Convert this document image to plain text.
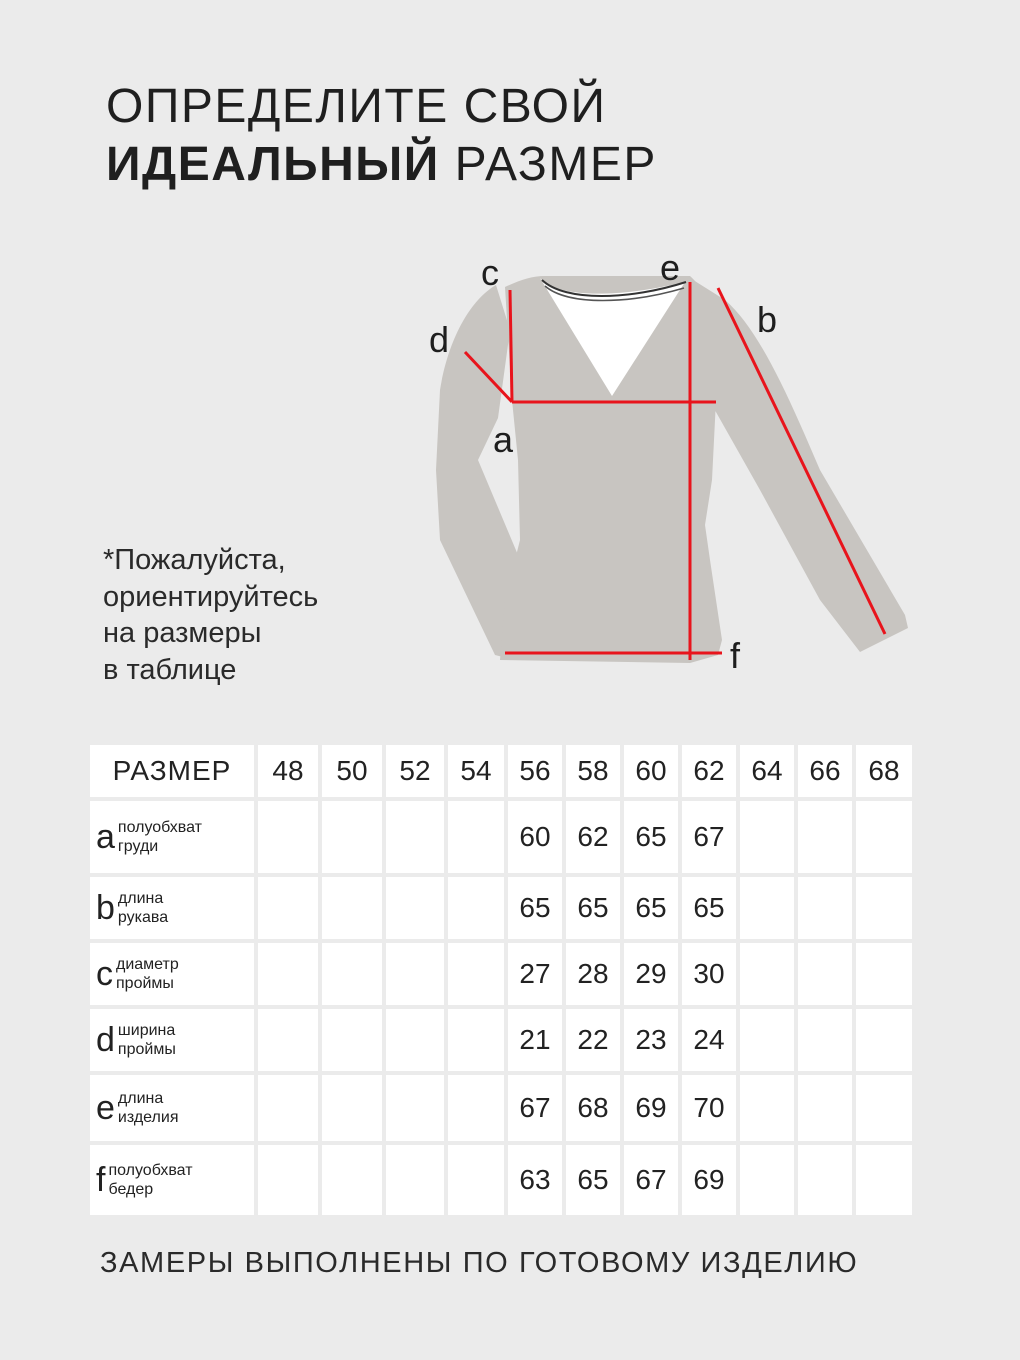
ОПРЕДЕЛИТЕ СВОЙ
ИДЕАЛЬНЫЙ РАЗМЕР
c	e
b
d
a
f
*Пожалуйста,
ориентируйтесь
на размеры
в таблице
РАЗМЕР	48	50	52	54	56	58	60	62	64	66	68
a полуобхват
груди					60	62	65	67			
b длина
рукава					65	65	65	65			
c диаметр
проймы					27	28	29	30			
d ширина
проймы					21	22	23	24			
e длина
изделия					67	68	69	70			
f полуобхват
бедер					63	65	67	69			
ЗАМЕРЫ ВЫПОЛНЕНЫ ПО ГОТОВОМУ ИЗДЕЛИЮ
